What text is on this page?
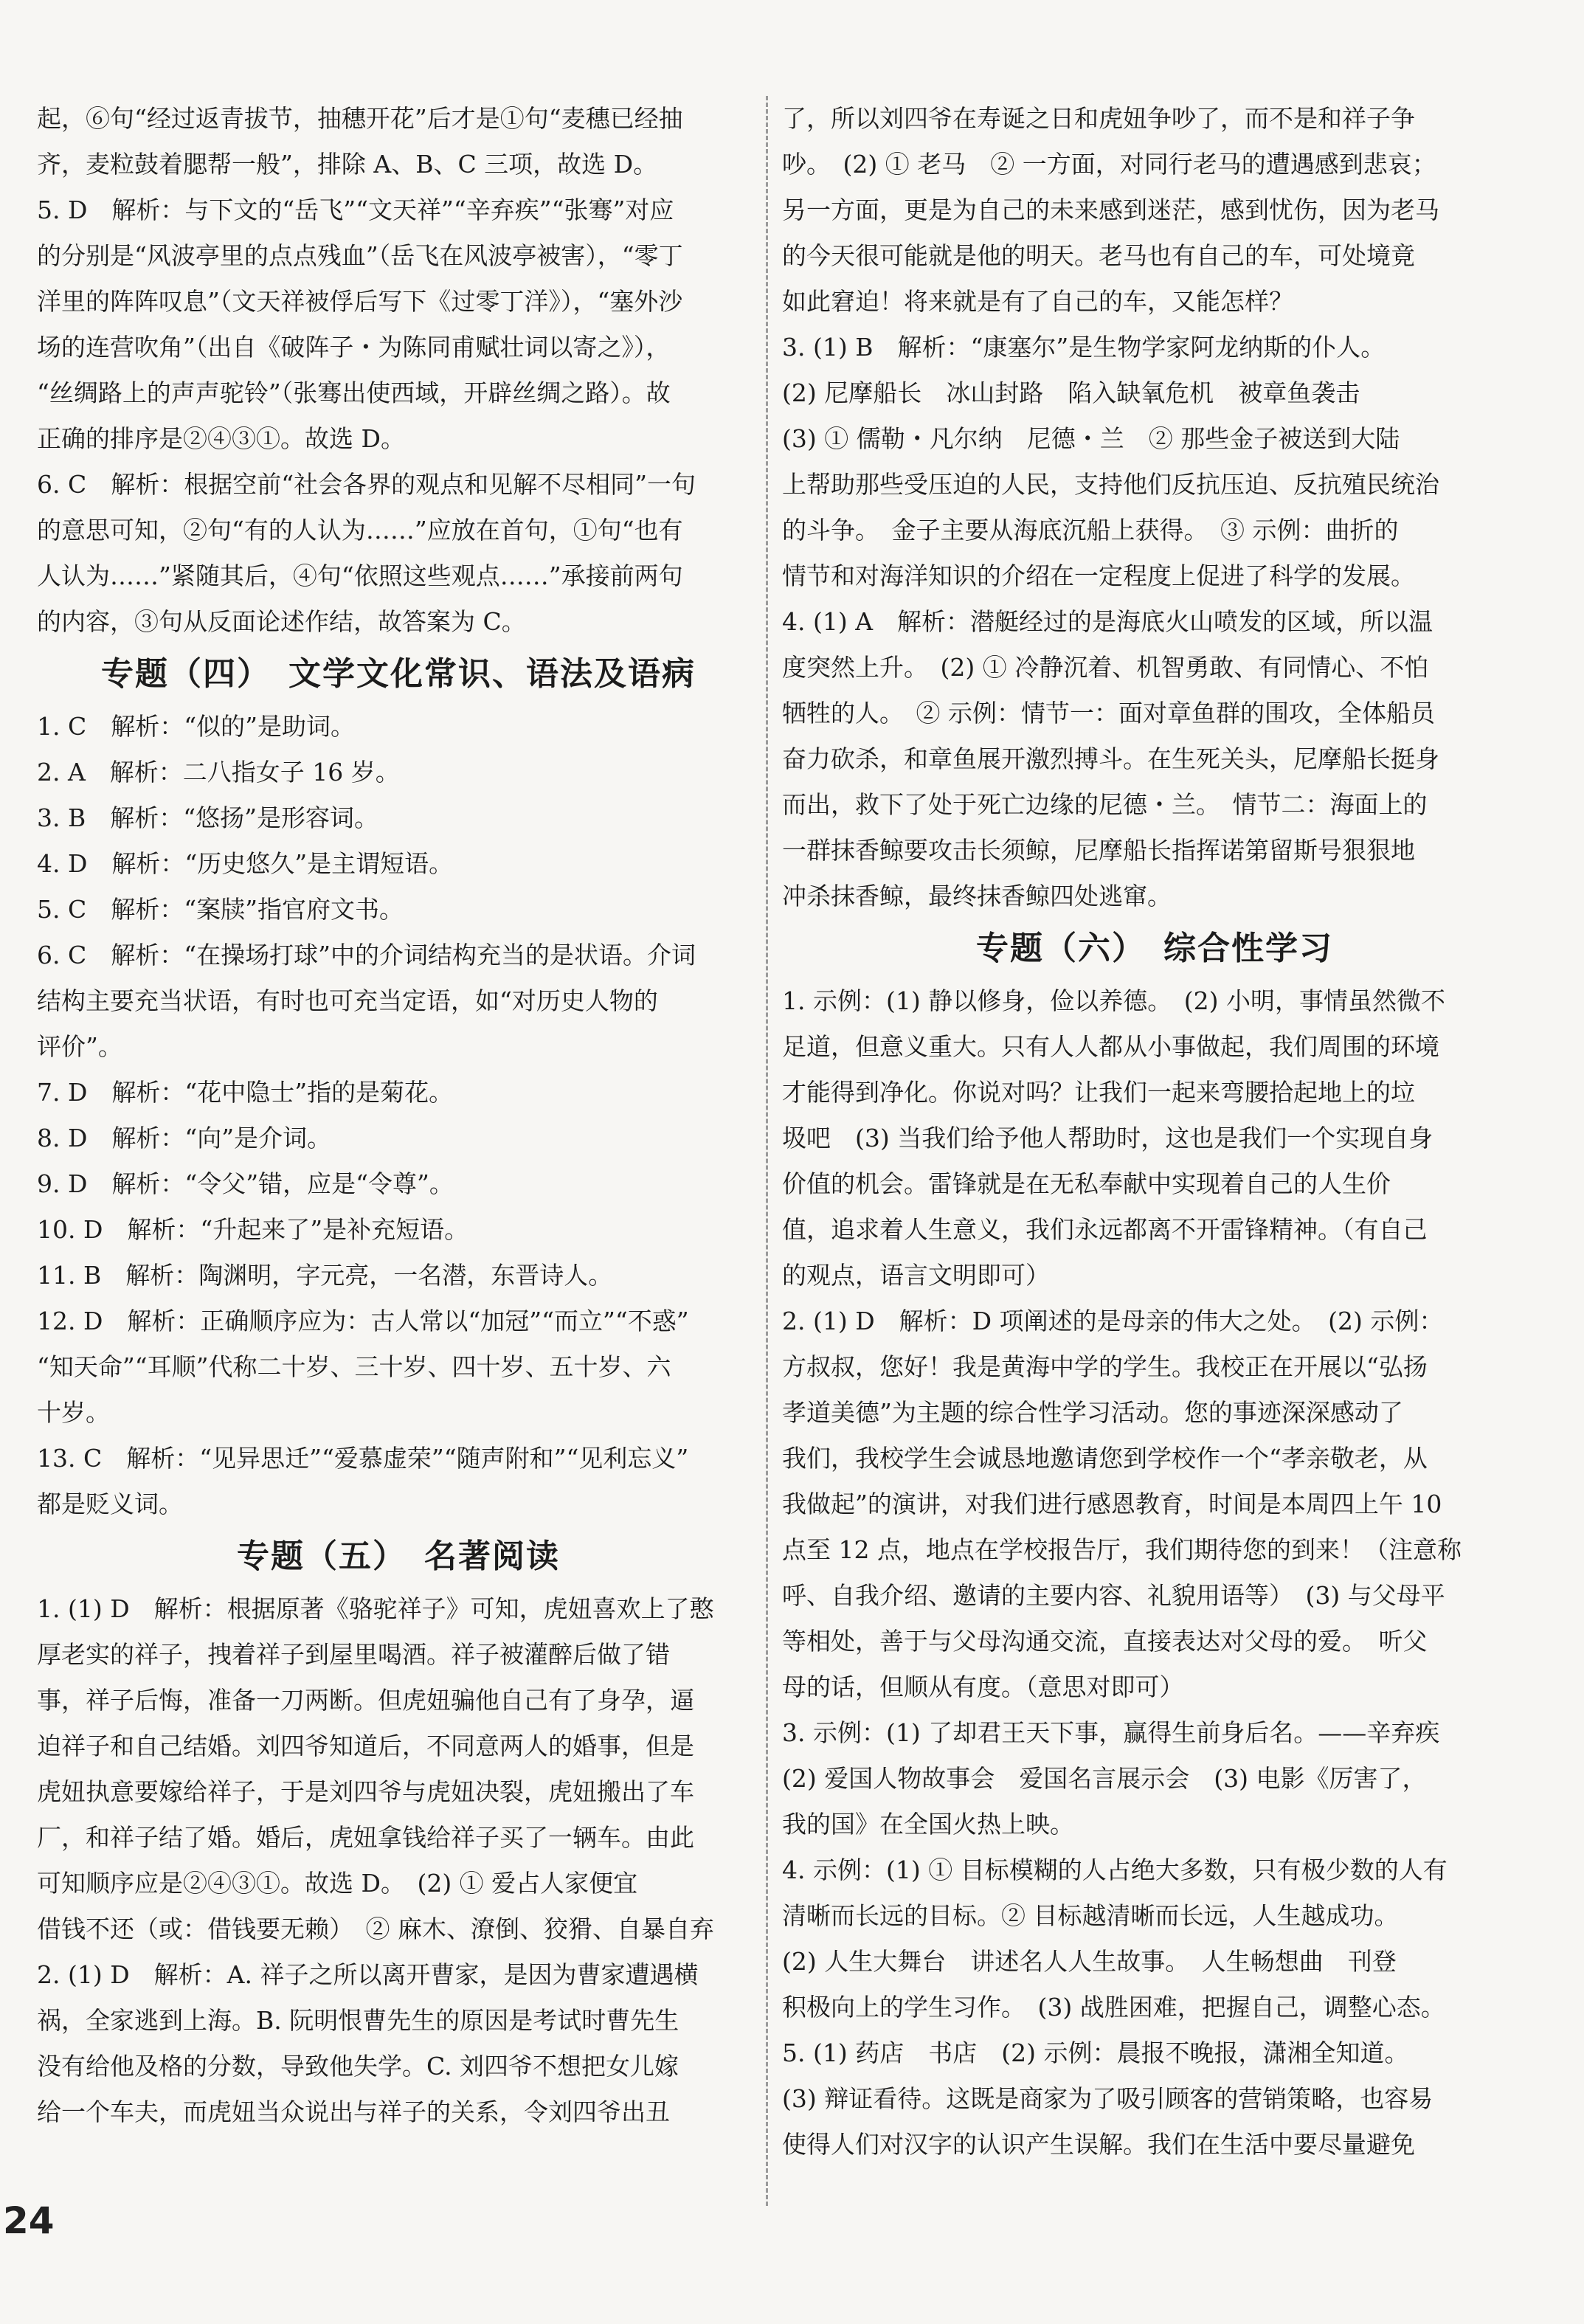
起，⑥句“经过返青拔节，抽穗开花”后才是①句“麦穗已经抽
齐，麦粒鼓着腮帮一般”，排除 A、B、C 三项，故选 D。
5. D　解析：与下文的“岳飞”“文天祥”“辛弃疾”“张骞”对应
的分别是“风波亭里的点点残血”（岳飞在风波亭被害），“零丁
洋里的阵阵叹息”（文天祥被俘后写下《过零丁洋》），“塞外沙
场的连营吹角”（出自《破阵子・为陈同甫赋壮词以寄之》），
“丝绸路上的声声驼铃”（张骞出使西域，开辟丝绸之路）。故
正确的排序是②④③①。故选 D。
6. C　解析：根据空前“社会各界的观点和见解不尽相同”一句
的意思可知，②句“有的人认为……”应放在首句，①句“也有
人认为……”紧随其后，④句“依照这些观点……”承接前两句
的内容，③句从反面论述作结，故答案为 C。
专题（四）　文学文化常识、语法及语病
1. C　解析：“似的”是助词。
2. A　解析：二八指女子 16 岁。
3. B　解析：“悠扬”是形容词。
4. D　解析：“历史悠久”是主谓短语。
5. C　解析：“案牍”指官府文书。
6. C　解析：“在操场打球”中的介词结构充当的是状语。介词
结构主要充当状语，有时也可充当定语，如“对历史人物的
评价”。
7. D　解析：“花中隐士”指的是菊花。
8. D　解析：“向”是介词。
9. D　解析：“令父”错，应是“令尊”。
10. D　解析：“升起来了”是补充短语。
11. B　解析：陶渊明，字元亮，一名潜，东晋诗人。
12. D　解析：正确顺序应为：古人常以“加冠”“而立”“不惑”
“知天命”“耳顺”代称二十岁、三十岁、四十岁、五十岁、六
十岁。
13. C　解析：“见异思迁”“爱慕虚荣”“随声附和”“见利忘义”
都是贬义词。
专题（五）　名著阅读
1. (1) D　解析：根据原著《骆驼祥子》可知，虎妞喜欢上了憨
厚老实的祥子，拽着祥子到屋里喝酒。祥子被灌醉后做了错
事，祥子后悔，准备一刀两断。但虎妞骗他自己有了身孕，逼
迫祥子和自己结婚。刘四爷知道后，不同意两人的婚事，但是
虎妞执意要嫁给祥子，于是刘四爷与虎妞决裂，虎妞搬出了车
厂，和祥子结了婚。婚后，虎妞拿钱给祥子买了一辆车。由此
可知顺序应是②④③①。故选 D。　(2) ① 爱占人家便宜
借钱不还（或：借钱要无赖）　② 麻木、潦倒、狡猾、自暴自弃
2. (1) D　解析：A. 祥子之所以离开曹家，是因为曹家遭遇横
祸，全家逃到上海。B. 阮明恨曹先生的原因是考试时曹先生
没有给他及格的分数，导致他失学。C. 刘四爷不想把女儿嫁
给一个车夫，而虎妞当众说出与祥子的关系，令刘四爷出丑
了，所以刘四爷在寿诞之日和虎妞争吵了，而不是和祥子争
吵。　(2) ① 老马　② 一方面，对同行老马的遭遇感到悲哀；
另一方面，更是为自己的未来感到迷茫，感到忧伤，因为老马
的今天很可能就是他的明天。老马也有自己的车，可处境竟
如此窘迫！将来就是有了自己的车，又能怎样？
3. (1) B　解析：“康塞尔”是生物学家阿龙纳斯的仆人。
(2) 尼摩船长　冰山封路　陷入缺氧危机　被章鱼袭击
(3) ① 儒勒・凡尔纳　尼德・兰　② 那些金子被送到大陆
上帮助那些受压迫的人民，支持他们反抗压迫、反抗殖民统治
的斗争。　金子主要从海底沉船上获得。　③ 示例：曲折的
情节和对海洋知识的介绍在一定程度上促进了科学的发展。
4. (1) A　解析：潜艇经过的是海底火山喷发的区域，所以温
度突然上升。　(2) ① 冷静沉着、机智勇敢、有同情心、不怕
牺牲的人。　② 示例：情节一：面对章鱼群的围攻，全体船员
奋力砍杀，和章鱼展开激烈搏斗。在生死关头，尼摩船长挺身
而出，救下了处于死亡边缘的尼德・兰。　情节二：海面上的
一群抹香鲸要攻击长须鲸，尼摩船长指挥诺第留斯号狠狠地
冲杀抹香鲸，最终抹香鲸四处逃窜。
专题（六）　综合性学习
1. 示例：(1) 静以修身，俭以养德。　(2) 小明，事情虽然微不
足道，但意义重大。只有人人都从小事做起，我们周围的环境
才能得到净化。你说对吗？让我们一起来弯腰拾起地上的垃
圾吧　(3) 当我们给予他人帮助时，这也是我们一个实现自身
价值的机会。雷锋就是在无私奉献中实现着自己的人生价
值，追求着人生意义，我们永远都离不开雷锋精神。（有自己
的观点，语言文明即可）
2. (1) D　解析：D 项阐述的是母亲的伟大之处。　(2) 示例：
方叔叔，您好！我是黄海中学的学生。我校正在开展以“弘扬
孝道美德”为主题的综合性学习活动。您的事迹深深感动了
我们，我校学生会诚恳地邀请您到学校作一个“孝亲敬老，从
我做起”的演讲，对我们进行感恩教育，时间是本周四上午 10
点至 12 点，地点在学校报告厅，我们期待您的到来！（注意称
呼、自我介绍、邀请的主要内容、礼貌用语等）　(3) 与父母平
等相处，善于与父母沟通交流，直接表达对父母的爱。　听父
母的话，但顺从有度。（意思对即可）
3. 示例：(1) 了却君王天下事，赢得生前身后名。——辛弃疾
(2) 爱国人物故事会　爱国名言展示会　(3) 电影《厉害了，
我的国》在全国火热上映。
4. 示例：(1) ① 目标模糊的人占绝大多数，只有极少数的人有
清晰而长远的目标。② 目标越清晰而长远，人生越成功。
(2) 人生大舞台　讲述名人人生故事。　人生畅想曲　刊登
积极向上的学生习作。　(3) 战胜困难，把握自己，调整心态。
5. (1) 药店　书店　(2) 示例：晨报不晚报，潇湘全知道。
(3) 辩证看待。这既是商家为了吸引顾客的营销策略，也容易
使得人们对汉字的认识产生误解。我们在生活中要尽量避免
24
